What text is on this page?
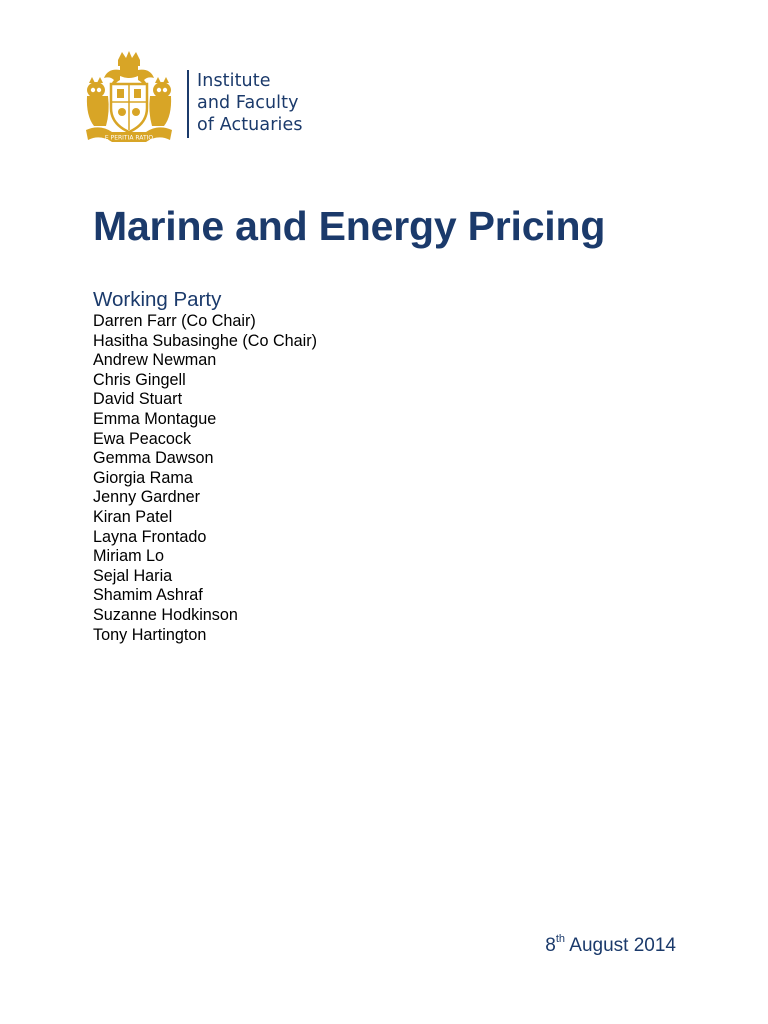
E PERITIA RATIO
Institute
and Faculty
of Actuaries
Marine and Energy Pricing
Working Party
Darren Farr (Co Chair)
Hasitha Subasinghe (Co Chair)
Andrew Newman
Chris Gingell
David Stuart
Emma Montague
Ewa Peacock
Gemma Dawson
Giorgia Rama
Jenny Gardner
Kiran Patel
Layna Frontado
Miriam Lo
Sejal Haria
Shamim Ashraf
Suzanne Hodkinson
Tony Hartington
8th August 2014
